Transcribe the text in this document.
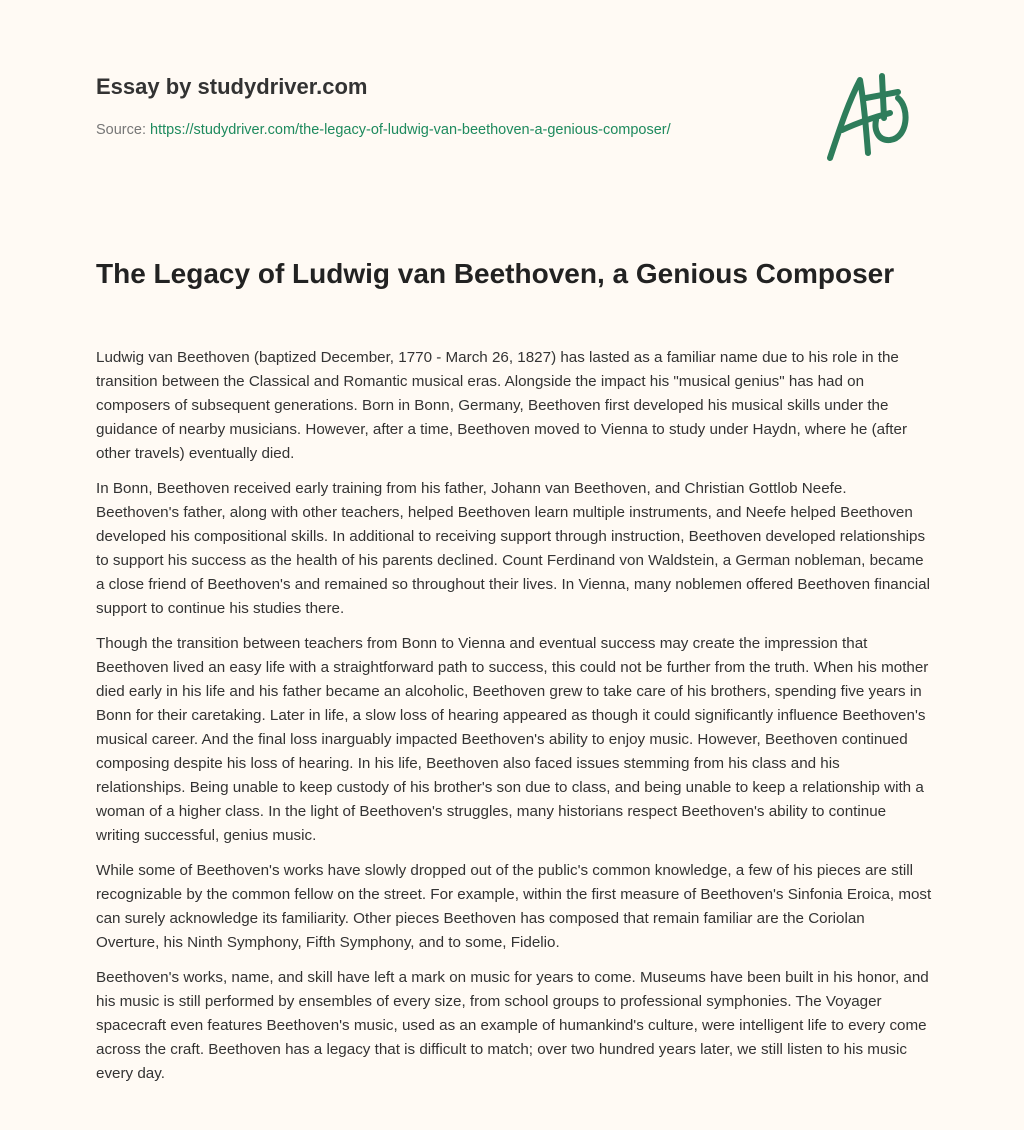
Essay by studydriver.com
Source: https://studydriver.com/the-legacy-of-ludwig-van-beethoven-a-genious-composer/
The Legacy of Ludwig van Beethoven, a Genious Composer

Ludwig van Beethoven (baptized December, 1770 - March 26, 1827) has lasted as a familiar name due to his role in the transition between the Classical and Romantic musical eras. Alongside the impact his "musical genius" has had on composers of subsequent generations. Born in Bonn, Germany, Beethoven first developed his musical skills under the guidance of nearby musicians. However, after a time, Beethoven moved to Vienna to study under Haydn, where he (after other travels) eventually died.

In Bonn, Beethoven received early training from his father, Johann van Beethoven, and Christian Gottlob Neefe. Beethoven's father, along with other teachers, helped Beethoven learn multiple instruments, and Neefe helped Beethoven developed his compositional skills. In additional to receiving support through instruction, Beethoven developed relationships to support his success as the health of his parents declined. Count Ferdinand von Waldstein, a German nobleman, became a close friend of Beethoven's and remained so throughout their lives. In Vienna, many noblemen offered Beethoven financial support to continue his studies there.

Though the transition between teachers from Bonn to Vienna and eventual success may create the impression that Beethoven lived an easy life with a straightforward path to success, this could not be further from the truth. When his mother died early in his life and his father became an alcoholic, Beethoven grew to take care of his brothers, spending five years in Bonn for their caretaking. Later in life, a slow loss of hearing appeared as though it could significantly influence Beethoven's musical career. And the final loss inarguably impacted Beethoven's ability to enjoy music. However, Beethoven continued composing despite his loss of hearing. In his life, Beethoven also faced issues stemming from his class and his relationships. Being unable to keep custody of his brother's son due to class, and being unable to keep a relationship with a woman of a higher class. In the light of Beethoven's struggles, many historians respect Beethoven's ability to continue writing successful, genius music.

While some of Beethoven's works have slowly dropped out of the public's common knowledge, a few of his pieces are still recognizable by the common fellow on the street. For example, within the first measure of Beethoven's Sinfonia Eroica, most can surely acknowledge its familiarity. Other pieces Beethoven has composed that remain familiar are the Coriolan Overture, his Ninth Symphony, Fifth Symphony, and to some, Fidelio.

Beethoven's works, name, and skill have left a mark on music for years to come. Museums have been built in his honor, and his music is still performed by ensembles of every size, from school groups to professional symphonies. The Voyager spacecraft even features Beethoven's music, used as an example of humankind's culture, were intelligent life to every come across the craft. Beethoven has a legacy that is difficult to match; over two hundred years later, we still listen to his music every day.
